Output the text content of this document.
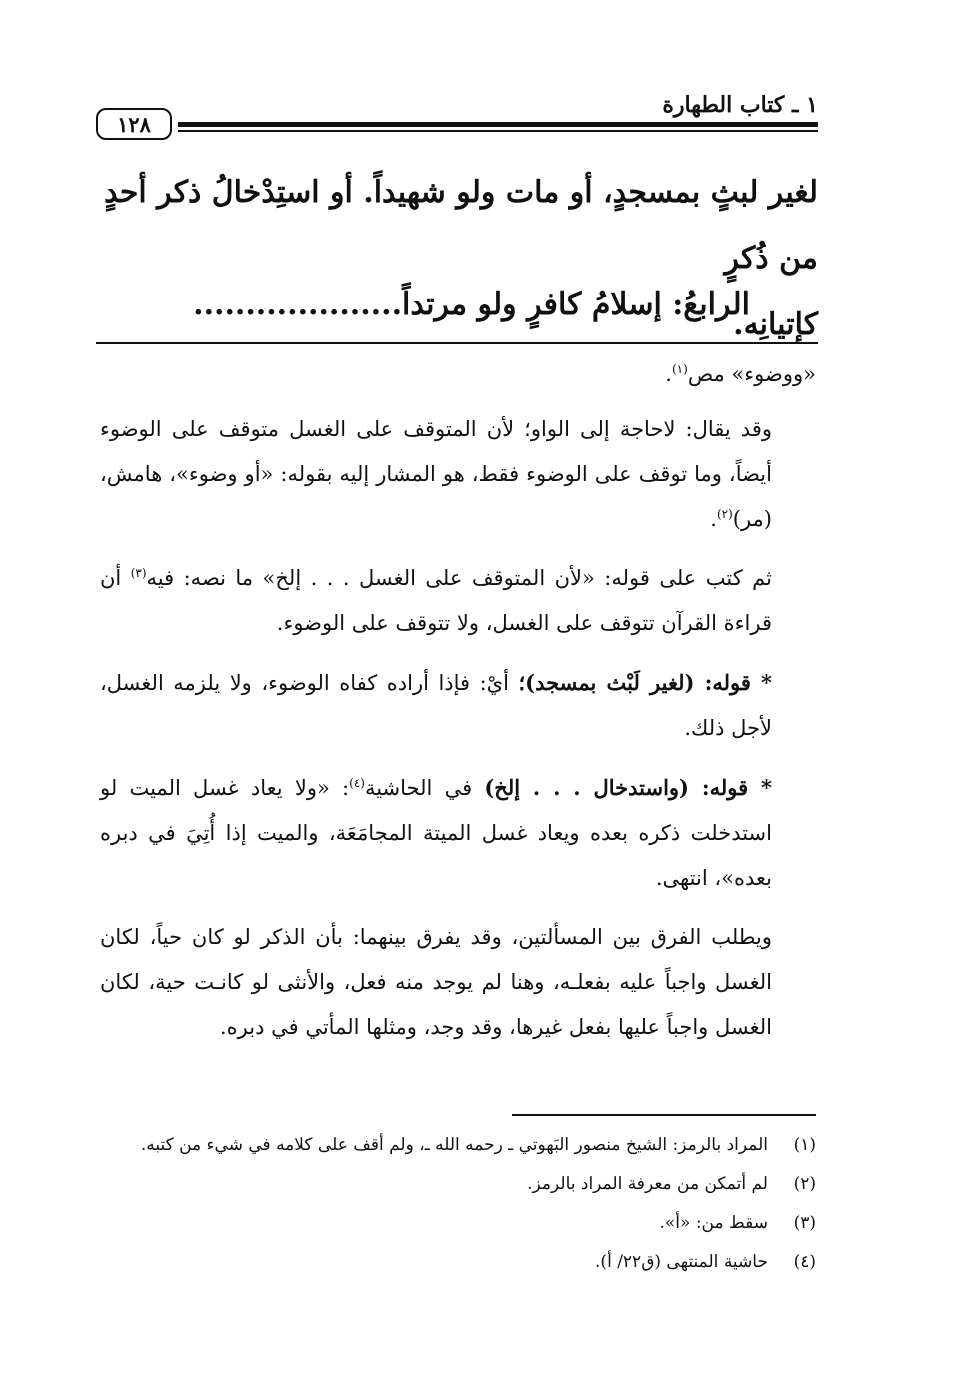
١ ـ كتاب الطهارة
١٢٨

لغير لبثٍ بمسجدٍ، أو مات ولو شهيداً. أو استِدْخالُ ذكر أحدٍ من ذُكرٍ

كإتيانِه.

الرابعُ: إسلامُ كافرٍ ولو مرتداً....................

«ووضوء» مص$^{(١)}$.

وقد يقال: لاحاجة إلى الواو؛ لأن المتوقف على الغسل متوقف على الوضوء أيضاً، وما توقف على الوضوء فقط، هو المشار إليه بقوله: «أو وضوء»، هامش، (مر)$^{(٢)}$.

ثم كتب على قوله: «لأن المتوقف على الغسل . . . إلخ» ما نصه: فيه$^{(٣)}$ أن قراءة القرآن تتوقف على الغسل، ولا تتوقف على الوضوء.

* قوله: (لغير لَبْث بمسجد)؛ أيْ: فإذا أراده كفاه الوضوء، ولا يلزمه الغسل، لأجل ذلك.

* قوله: (واستدخال . . . إلخ) في الحاشية$^{(٤)}$: «ولا يعاد غسل الميت لو استدخلت ذكره بعده ويعاد غسل الميتة المجامَعَة، والميت إذا أُتِيَ في دبره بعده»، انتهى.

ويطلب الفرق بين المسألتين، وقد يفرق بينهما: بأن الذكر لو كان حياً، لكان الغسل واجباً عليه بفعلـه، وهنا لم يوجد منه فعل، والأنثى لو كانـت حية، لكان الغسل واجباً عليها بفعل غيرها، وقد وجد، ومثلها المأتي في دبره.

(١)
المراد بالرمز: الشيخ منصور البَهوتي ـ رحمه الله ـ، ولم أقف على كلامه في شيء من كتبه.
(٢)
لم أتمكن من معرفة المراد بالرمز.
(٣)
سقط من: «أ».
(٤)
حاشية المنتهى (ق٢٢/ أ).
